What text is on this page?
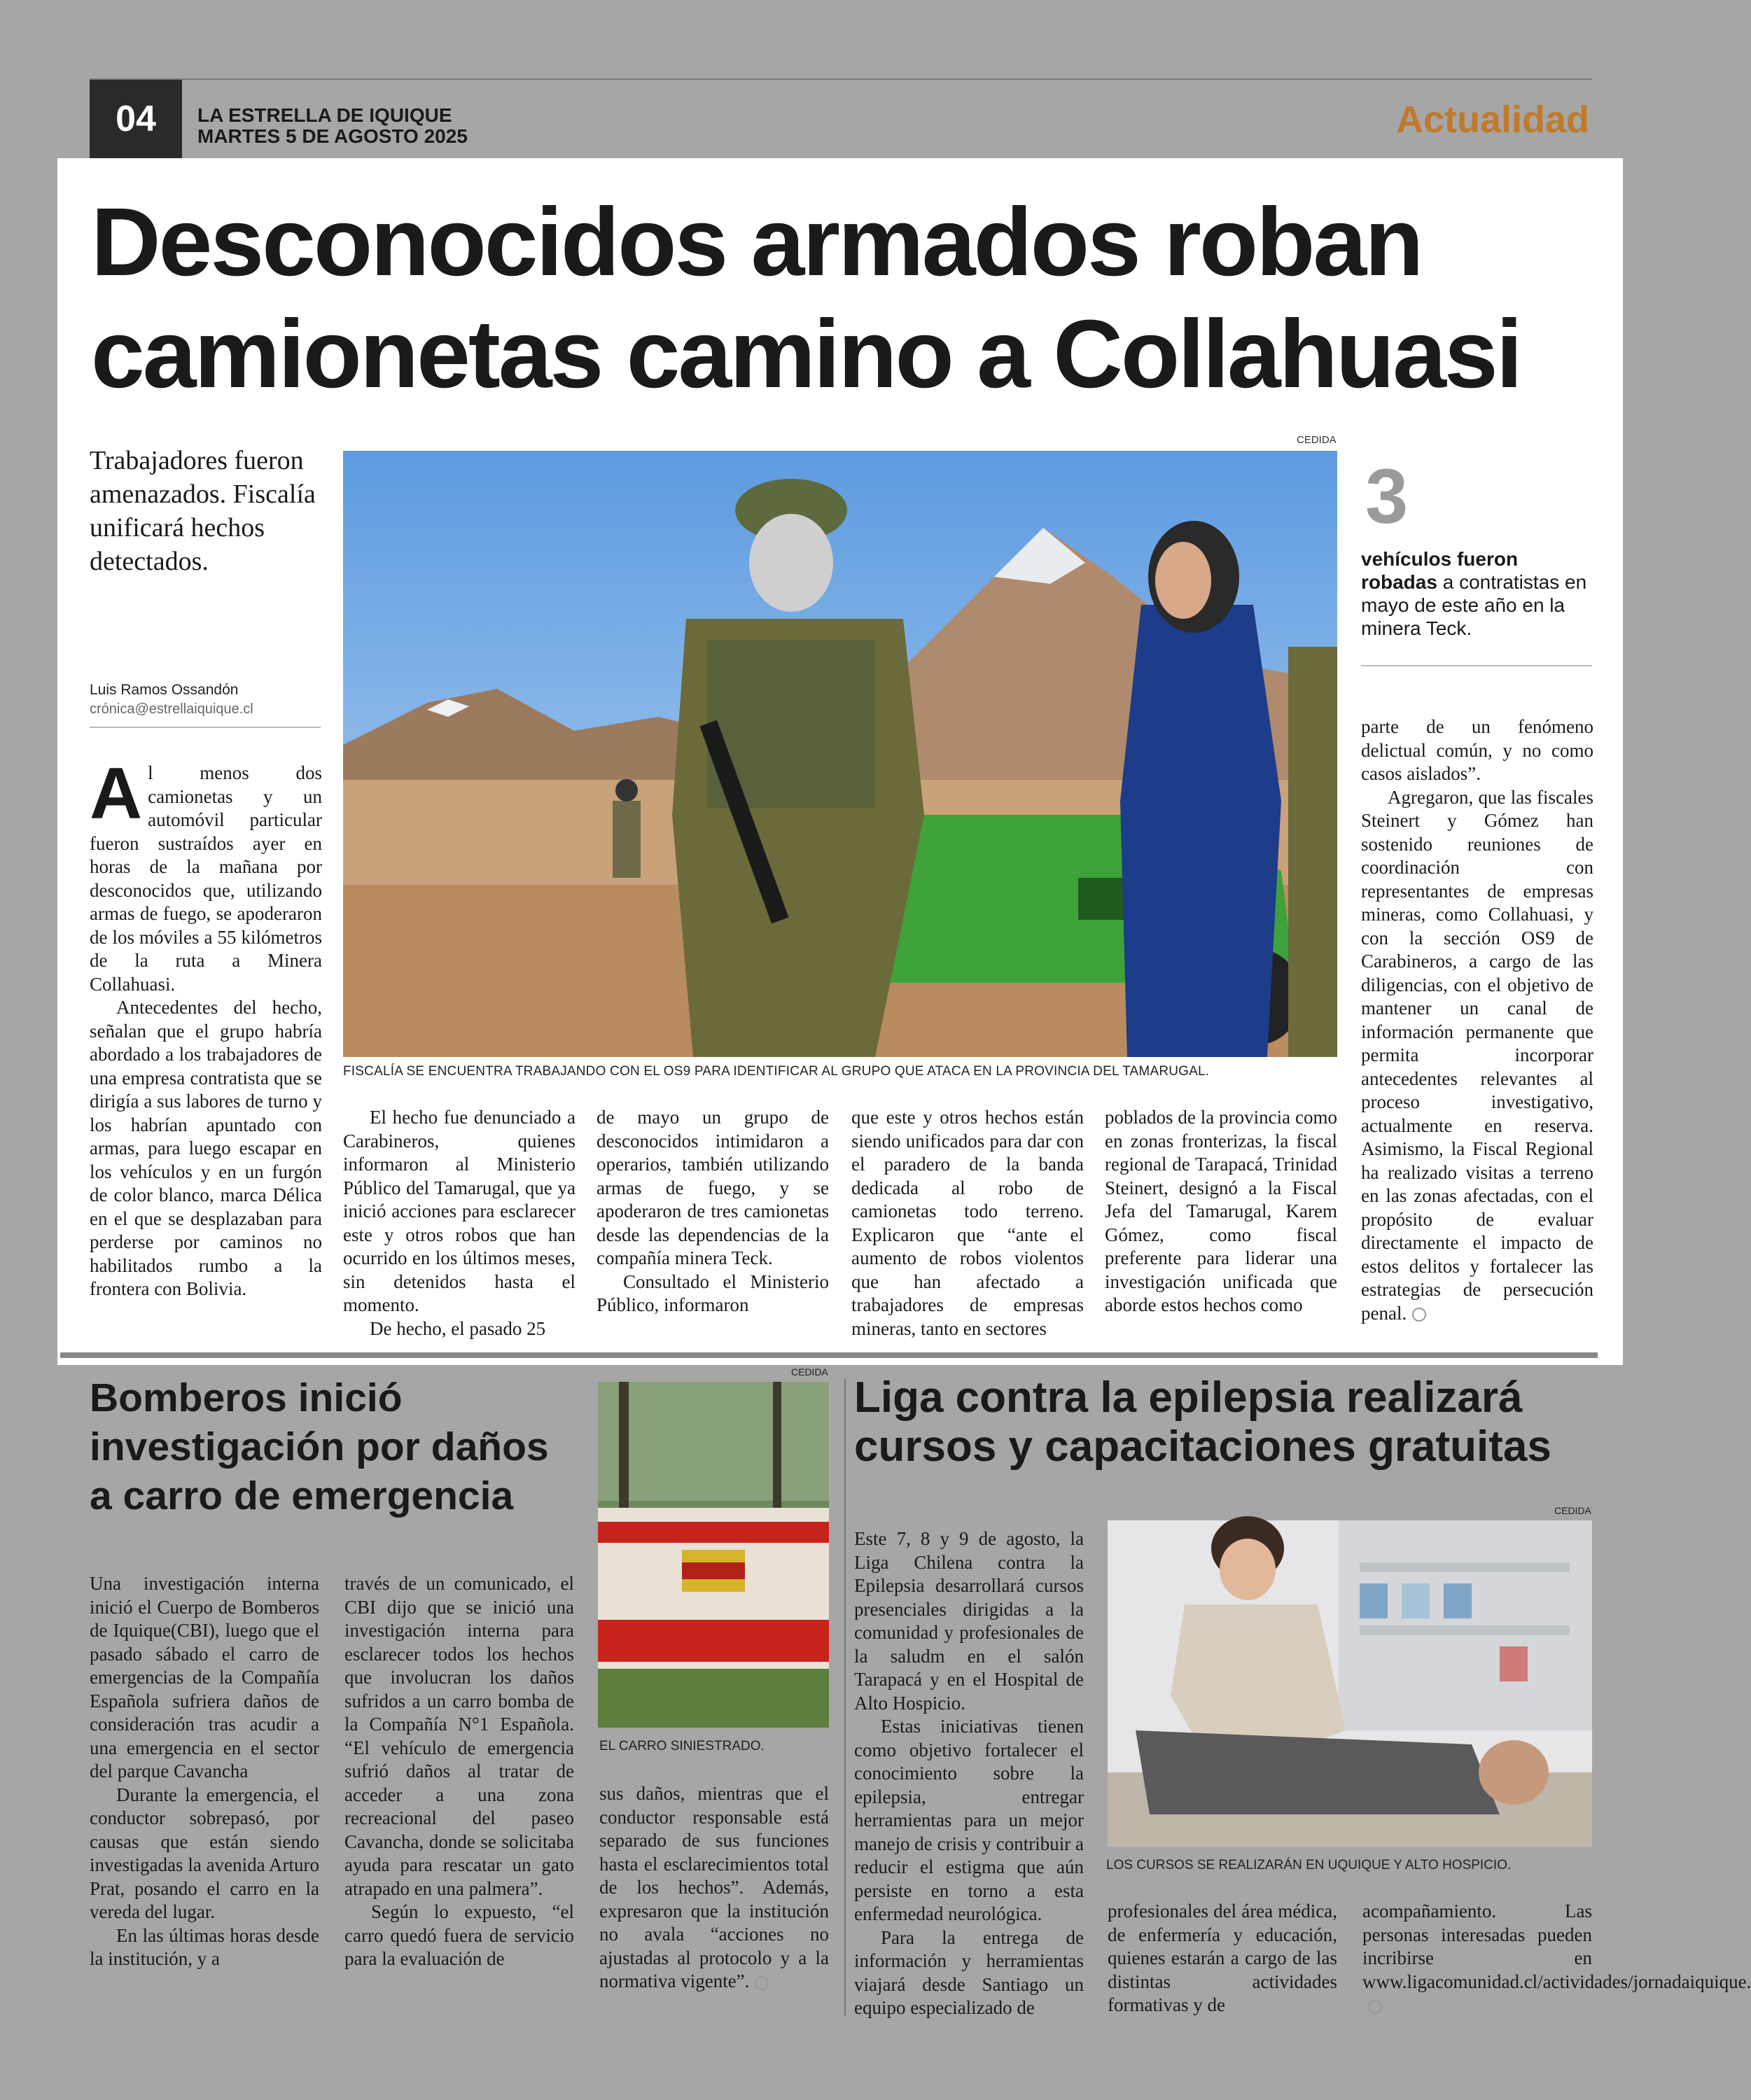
04	LA ESTRELLA DE IQUIQUE
MARTES 5 DE AGOSTO 2025	Actualidad
Desconocidos armados roban camionetas camino a Collahuasi
Trabajadores fueron amenazados. Fiscalía unificará hechos detectados.
Luis Ramos Ossandón
crónica@estrellaiquique.cl
CEDIDA
FISCALÍA SE ENCUENTRA TRABAJANDO CON EL OS9 PARA IDENTIFICAR AL GRUPO QUE ATACA EN LA PROVINCIA DEL TAMARUGAL.
3
vehículos fueron robadas a contratistas en mayo de este año en la minera Teck.

Al menos dos camionetas y un automóvil particular fueron sustraídos ayer en horas de la mañana por desconocidos que, utilizando armas de fuego, se apoderaron de los móviles a 55 kilómetros de la ruta a Minera Collahuasi.

Antecedentes del hecho, señalan que el grupo habría abordado a los trabajadores de una empresa contratista que se dirigía a sus labores de turno y los habrían apuntado con armas, para luego escapar en los vehículos y en un furgón de color blanco, marca Délica en el que se desplazaban para perderse por caminos no habilitados rumbo a la frontera con Bolivia.

El hecho fue denunciado a Carabineros, quienes informaron al Ministerio Público del Tamarugal, que ya inició acciones para esclarecer este y otros robos que han ocurrido en los últimos meses, sin detenidos hasta el momento.

De hecho, el pasado 25

de mayo un grupo de desconocidos intimidaron a operarios, también utilizando armas de fuego, y se apoderaron de tres camionetas desde las dependencias de la compañía minera Teck.

Consultado el Ministerio Público, informaron

que este y otros hechos están siendo unificados para dar con el paradero de la banda dedicada al robo de camionetas todo terreno. Explicaron que “ante el aumento de robos violentos que han afectado a trabajadores de empresas mineras, tanto en sectores

poblados de la provincia como en zonas fronterizas, la fiscal regional de Tarapacá, Trinidad Steinert, designó a la Fiscal Jefa del Tamarugal, Karem Gómez, como fiscal preferente para liderar una investigación unificada que aborde estos hechos como

parte de un fenómeno delictual común, y no como casos aislados”.

Agregaron, que las fiscales Steinert y Gómez han sostenido reuniones de coordinación con representantes de empresas mineras, como Collahuasi, y con la sección OS9 de Carabineros, a cargo de las diligencias, con el objetivo de mantener un canal de información permanente que permita incorporar antecedentes relevantes al proceso investigativo, actualmente en reserva. Asimismo, la Fiscal Regional ha realizado visitas a terreno en las zonas afectadas, con el propósito de evaluar directamente el impacto de estos delitos y fortalecer las estrategias de persecución penal.

Bomberos inició investigación por daños a carro de emergencia
CEDIDA
EL CARRO SINIESTRADO.

Una investigación interna inició el Cuerpo de Bomberos de Iquique(CBI), luego que el pasado sábado el carro de emergencias de la Compañía Española sufriera daños de consideración tras acudir a una emergencia en el sector del parque Cavancha

Durante la emergencia, el conductor sobrepasó, por causas que están siendo investigadas la avenida Arturo Prat, posando el carro en la vereda del lugar.

En las últimas horas desde la institución, y a

través de un comunicado, el CBI dijo que se inició una investigación interna para esclarecer todos los hechos que involucran los daños sufridos a un carro bomba de la Compañía N°1 Española. “El vehículo de emergencia sufrió daños al tratar de acceder a una zona recreacional del paseo Cavancha, donde se solicitaba ayuda para rescatar un gato atrapado en una palmera”.

Según lo expuesto, “el carro quedó fuera de servicio para la evaluación de

sus daños, mientras que el conductor responsable está separado de sus funciones hasta el esclarecimientos total de los hechos”. Además, expresaron que la institución no avala “acciones no ajustadas al protocolo y a la normativa vigente”.

Liga contra la epilepsia realizará cursos y capacitaciones gratuitas
CEDIDA
LOS CURSOS SE REALIZARÁN EN UQUIQUE Y ALTO HOSPICIO.

Este 7, 8 y 9 de agosto, la Liga Chilena contra la Epilepsia desarrollará cursos presenciales dirigidas a la comunidad y profesionales de la saludm en el salón Tarapacá y en el Hospital de Alto Hospicio.

Estas iniciativas tienen como objetivo fortalecer el conocimiento sobre la epilepsia, entregar herramientas para un mejor manejo de crisis y contribuir a reducir el estigma que aún persiste en torno a esta enfermedad neurológica.

Para la entrega de información y herramientas viajará desde Santiago un equipo especializado de

profesionales del área médica, de enfermería y educación, quienes estarán a cargo de las distintas actividades formativas y de

acompañamiento. Las personas interesadas pueden incribirse en www.ligacomunidad.cl/actividades/jornadaiquique.
